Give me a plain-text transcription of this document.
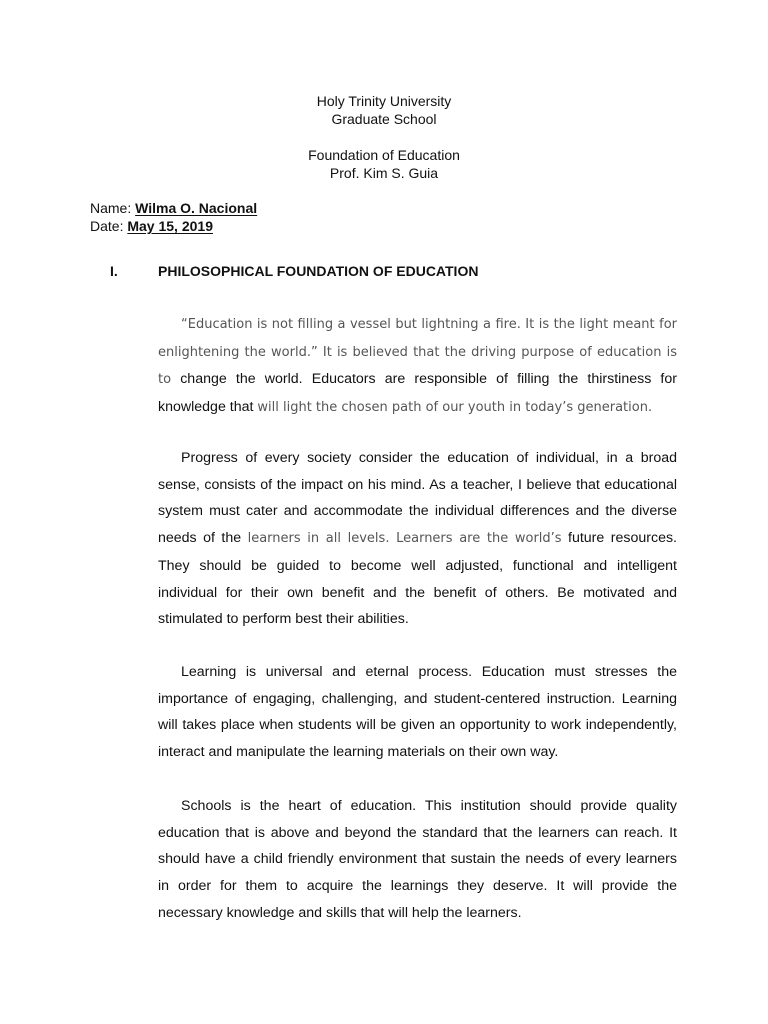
Holy Trinity University
Graduate School
Foundation of Education
Prof. Kim S. Guia
Name: Wilma O. Nacional
Date: May 15, 2019
I.	PHILOSOPHICAL FOUNDATION OF EDUCATION

“Education is not filling a vessel but lightning a fire. It is the light meant for enlightening the world.” It is believed that the driving purpose of education is to change the world. Educators are responsible of filling the thirstiness for knowledge that will light the chosen path of our youth in today’s generation.

Progress of every society consider the education of individual, in a broad sense, consists of the impact on his mind. As a teacher, I believe that educational system must cater and accommodate the individual differences and the diverse needs of the learners in all levels. Learners are the world’s future resources. They should be guided to become well adjusted, functional and intelligent individual for their own benefit and the benefit of others. Be motivated and stimulated to perform best their abilities.

Learning is universal and eternal process. Education must stresses the importance of engaging, challenging, and student-centered instruction. Learning will takes place when students will be given an opportunity to work independently, interact and manipulate the learning materials on their own way.

Schools is the heart of education. This institution should provide quality education that is above and beyond the standard that the learners can reach. It should have a child friendly environment that sustain the needs of every learners in order for them to acquire the learnings they deserve. It will provide the necessary knowledge and skills that will help the learners.
